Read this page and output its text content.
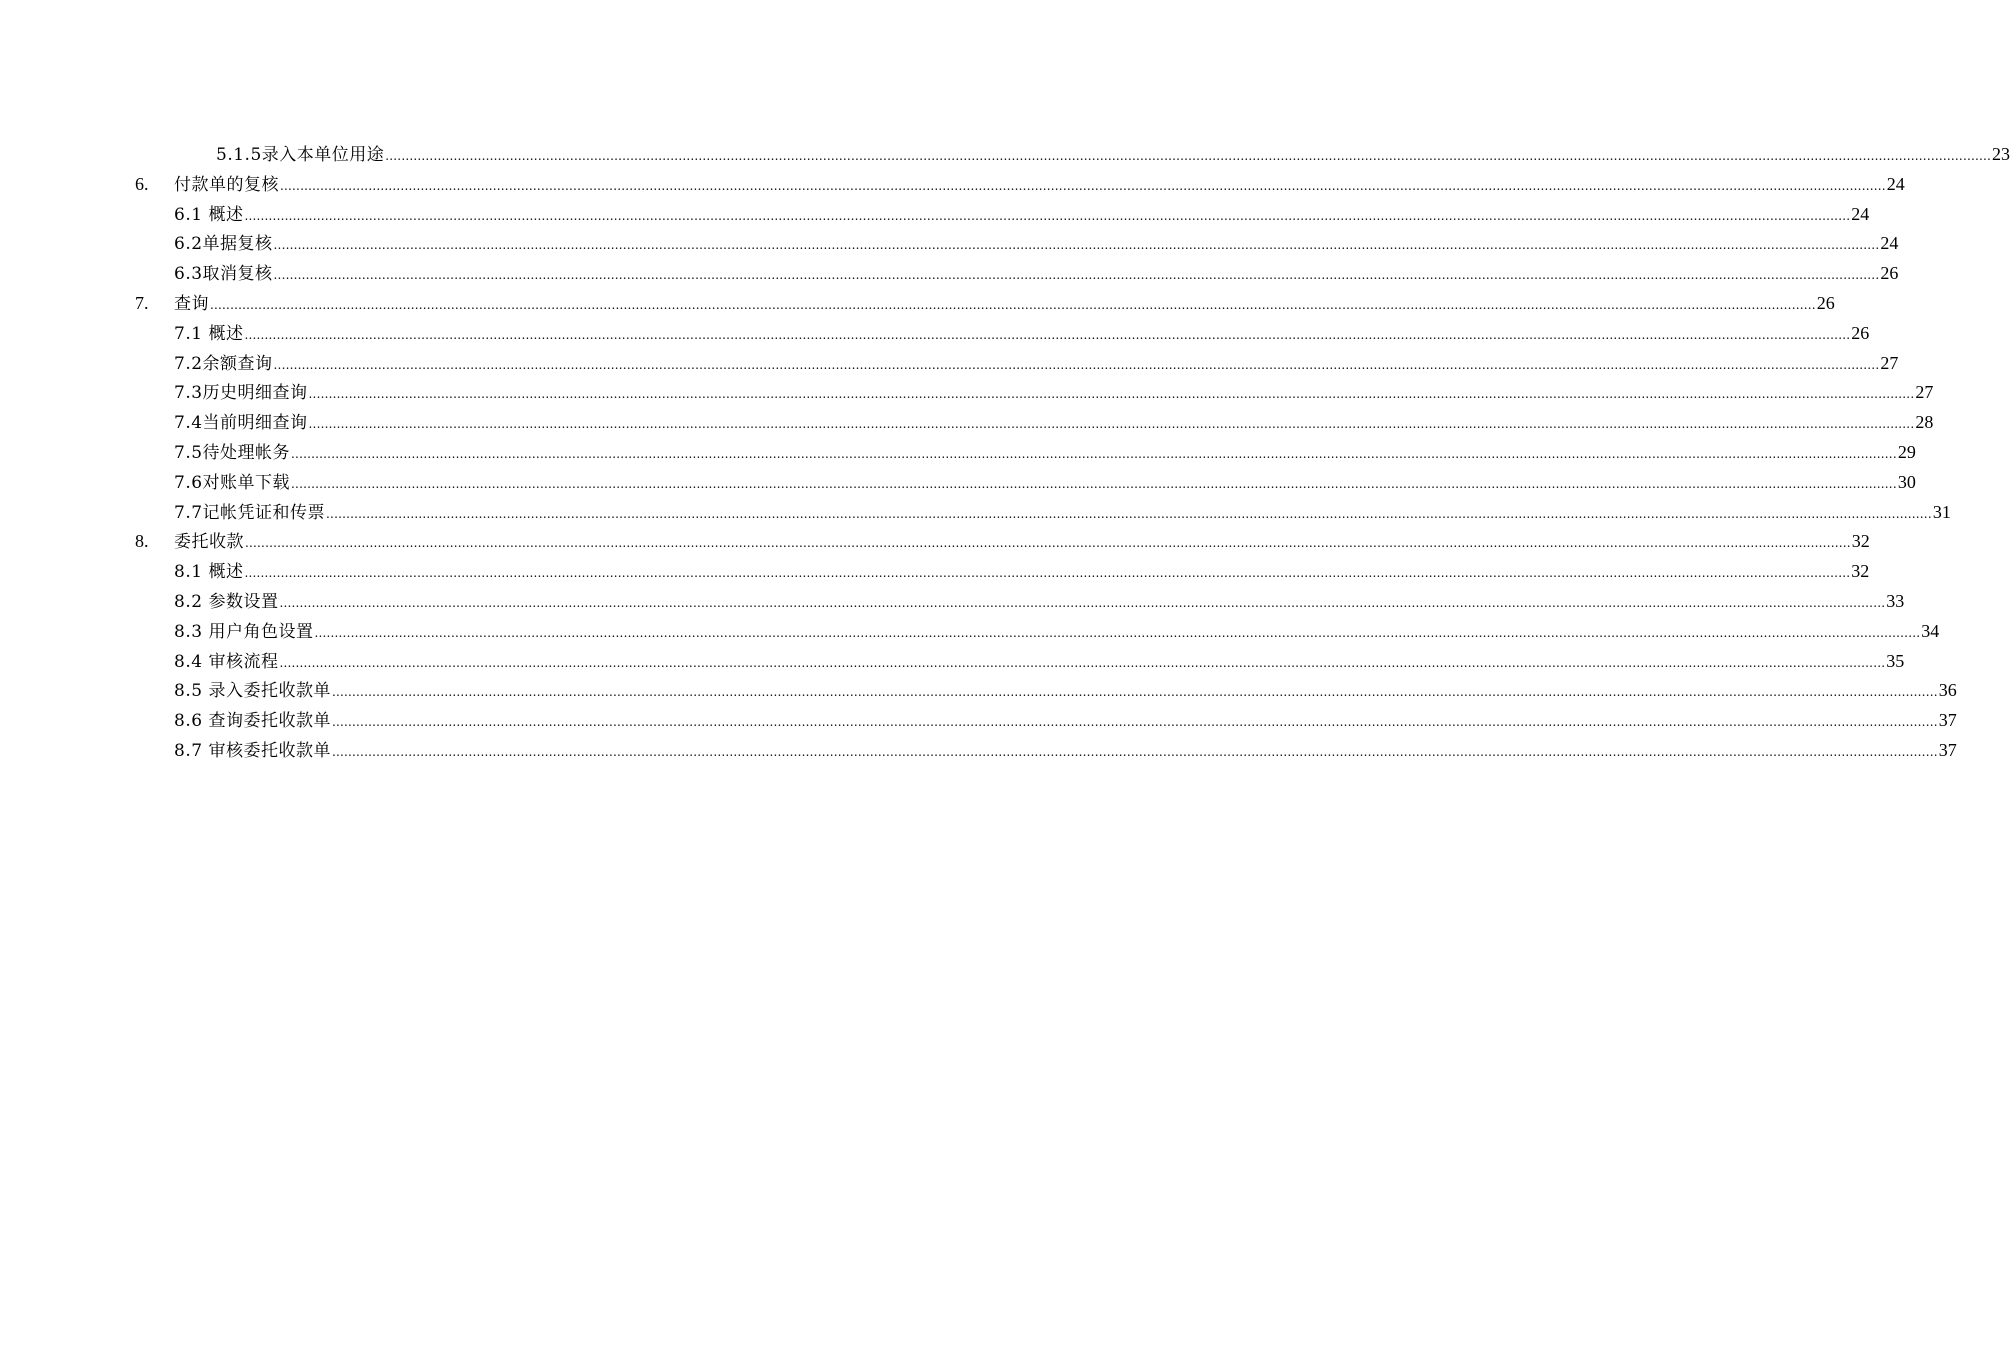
5.1.5录入本单位用途 ................................................................................................................................................................................................................................................................................................................................................................................................................ 23
6. 付款单的复核 ................................................................................................................................................................................................................................................................................................................................................................................................................ 24
6.1 概述 ................................................................................................................................................................................................................................................................................................................................................................................................................ 24
6.2单据复核 ................................................................................................................................................................................................................................................................................................................................................................................................................ 24
6.3取消复核 ................................................................................................................................................................................................................................................................................................................................................................................................................ 26
7. 查询 ................................................................................................................................................................................................................................................................................................................................................................................................................ 26
7.1 概述 ................................................................................................................................................................................................................................................................................................................................................................................................................ 26
7.2余额查询 ................................................................................................................................................................................................................................................................................................................................................................................................................ 27
7.3历史明细查询 ................................................................................................................................................................................................................................................................................................................................................................................................................ 27
7.4当前明细查询 ................................................................................................................................................................................................................................................................................................................................................................................................................ 28
7.5待处理帐务 ................................................................................................................................................................................................................................................................................................................................................................................................................ 29
7.6对账单下载 ................................................................................................................................................................................................................................................................................................................................................................................................................ 30
7.7记帐凭证和传票 ................................................................................................................................................................................................................................................................................................................................................................................................................ 31
8. 委托收款 ................................................................................................................................................................................................................................................................................................................................................................................................................ 32
8.1 概述 ................................................................................................................................................................................................................................................................................................................................................................................................................ 32
8.2 参数设置 ................................................................................................................................................................................................................................................................................................................................................................................................................ 33
8.3 用户角色设置 ................................................................................................................................................................................................................................................................................................................................................................................................................ 34
8.4 审核流程 ................................................................................................................................................................................................................................................................................................................................................................................................................ 35
8.5 录入委托收款单 ................................................................................................................................................................................................................................................................................................................................................................................................................ 36
8.6 查询委托收款单 ................................................................................................................................................................................................................................................................................................................................................................................................................ 37
8.7 审核委托收款单 ................................................................................................................................................................................................................................................................................................................................................................................................................ 37
